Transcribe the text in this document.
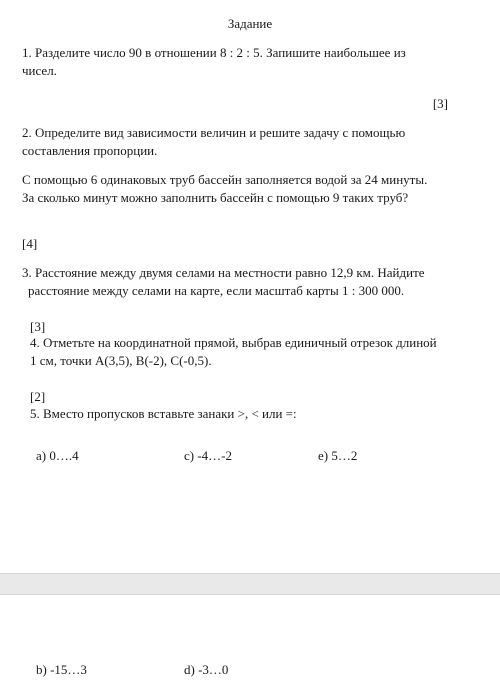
Задание
1. Разделите число 90 в отношении 8 : 2 : 5. Запишите наибольшее из
чисел.
[3]
2. Определите вид зависимости величин и решите задачу с помощью
составления пропорции.
С помощью 6 одинаковых труб бассейн заполняется водой за 24 минуты.
За сколько минут можно заполнить бассейн с помощью 9 таких труб?
[4]
3. Расстояние между двумя селами на местности равно 12,9 км. Найдите
расстояние между селами на карте, если масштаб карты 1 : 300 000.
[3]
4. Отметьте на координатной прямой, выбрав единичный отрезок длиной
1 см, точки A(3,5), B(-2), C(-0,5).
[2]
5. Вместо пропусков вставьте занаки >, < или =:
a) 0….4	c) -4…-2	e) 5…2
b) -15…3	d) -3…0
